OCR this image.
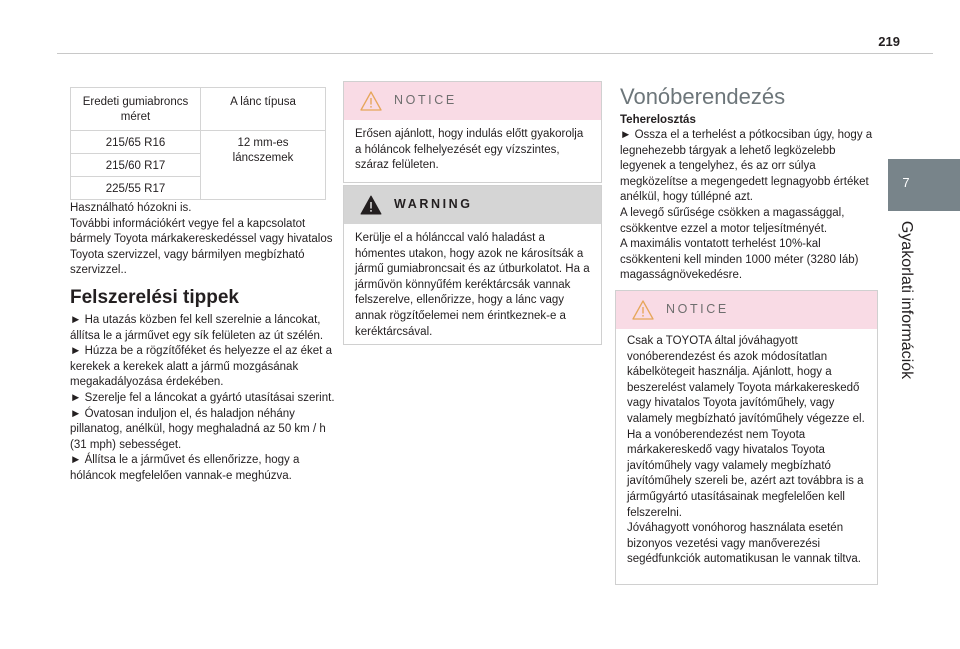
219
7
Gyakorlati információk
Eredeti gumiabroncs méret	A lánc típusa
215/65 R16	12 mm-es láncszemek

215/60 R17	
225/55 R17	
Használható hózokni is.
További információkért vegye fel a kapcsolatot bármely Toyota márkakereskedéssel vagy hivatalos Toyota szervizzel, vagy bármilyen megbízható szervizzel..
Felszerelési tippek
► Ha utazás közben fel kell szerelnie a láncokat, állítsa le a járművet egy sík felületen az út szélén.
► Húzza be a rögzítőféket és helyezze el az éket a kerekek a kerekek alatt a jármű mozgásának megakadályozása érdekében.
► Szerelje fel a láncokat a gyártó utasításai szerint.
► Óvatosan induljon el, és haladjon néhány pillanatog, anélkül, hogy meghaladná az 50 km / h (31 mph) sebességet.
► Állítsa le a járművet és ellenőrizze, hogy a hóláncok megfelelően vannak-e meghúzva.
NOTICE
Erősen ajánlott, hogy indulás előtt gyakorolja a hóláncok felhelyezését egy vízszintes, száraz felületen.
WARNING
Kerülje el a hólánccal való haladást a hómentes utakon, hogy azok ne károsítsák a jármű gumiabroncsait és az útburkolatot. Ha a járművön könnyűfém keréktárcsák vannak felszerelve, ellenőrizze, hogy a lánc vagy annak rögzítőelemei nem érintkeznek-e a keréktárcsával.
Vonóberendezés
Teherelosztás
► Ossza el a terhelést a pótkocsiban úgy, hogy a legnehezebb tárgyak a lehető legközelebb legyenek a tengelyhez, és az orr súlya megközelítse a megengedett legnagyobb értéket anélkül, hogy túllépné azt.
A levegő sűrűsége csökken a magassággal, csökkentve ezzel a motor teljesítményét.
A maximális vontatott terhelést 10%-kal csökkenteni kell minden 1000 méter (3280 láb) magasságnövekedésre.
NOTICE
Csak a TOYOTA által jóváhagyott vonóberendezést és azok módosítatlan kábelkötegeit használja. Ajánlott, hogy a beszerelést valamely Toyota márkakereskedő vagy hivatalos Toyota javítóműhely, vagy valamely megbízható javítóműhely végezze el.
Ha a vonóberendezést nem Toyota márkakereskedő vagy hivatalos Toyota javítóműhely vagy valamely megbízható javítóműhely szereli be, azért azt továbbra is a járműgyártó utasításainak megfelelően kell felszerelni.
Jóváhagyott vonóhorog használata esetén bizonyos vezetési vagy manőverezési segédfunkciók automatikusan le vannak tiltva.
